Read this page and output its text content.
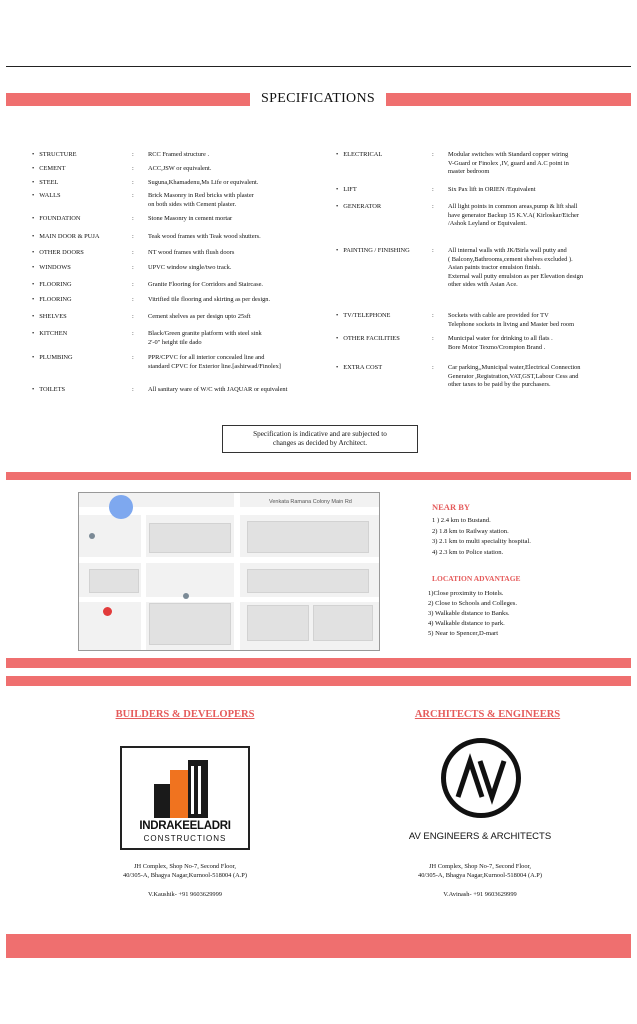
SPECIFICATIONS
• STRUCTURE	: RCC Framed structure .
• CEMENT	: ACC,JSW or equivalent.
• STEEL	: Suguna,Khamadenu,Ms Life or equivalent.
• WALLS	: Brick Masonry in Red bricks with plaster
on both sides with Cement plaster.
• FOUNDATION	: Stone Masonry in cement mortar
• MAIN DOOR & PUJA	: Teak wood frames with Teak wood shutters.
• OTHER DOORS	: NT wood frames with flush doors
• WINDOWS	: UPVC window single/two track.
• FLOORING	: Granite Flooring for Corridors and Staircase.
• FLOORING	: Vitrified tile flooring and skirting as per design.
• SHELVES	: Cement shelves as per design upto 25sft
• KITCHEN	: Black/Green granite platform with steel sink
2'-0" height tile dado
• PLUMBING	: PPR/CPVC for all interior concealed line and
standard CPVC for Exterior line.[ashirwad/Finolex]
• TOILETS	: All sanitary ware of W/C with JAQUAR or equivalent
• ELECTRICAL	: Modular switches with Standard copper wiring
V-Guard or Finolex ,IV, guard and A.C point in
master bedroom
• LIFT	: Six Pax lift in ORIEN /Equivalent
• GENERATOR	: All light points in common areas,pump & lift shall
have generator Backup 15 K.V.A( Kirloskar/Eicher
/Ashok Leyland or Equivalent.
• PAINTING / FINISHING	: All internal walls with JK/Birla wall putty and
( Balcony,Bathrooms,cement shelves excluded ).
Asian paints tractor emulsion finish.
External wall putty emulsion as per Elevation design
other sides with Asian Ace.
• TV/TELEPHONE	: Sockets with cable are provided for TV
Telephone sockets in living and Master bed room
• OTHER FACILITIES	: Municipal water for drinking to all flats .
Bore Motor Texmo/Crompton Brand .
• EXTRA COST	: Car parking,,Municipal water,Electrical Connection
Generator ,Registration,VAT,GST,Labour Cess and
other taxes to be paid by the purchasers.
Specification is indicative and are subjected to
changes as decided by Architect.
Venkata Ramana Colony Main Rd	NEAR BY
1 ) 2.4 km to Bustand.
2) 1.8 km to Railway station.
3) 2.1 km to multi speciality hospital.
4) 2.3 km to Police station.
LOCATION ADVANTAGE
1)Close proximity to Hotels.
2) Close to Schools and Colleges.
3) Walkable distance to Banks.
4) Walkable distance to park.
5) Near to Spencer,D-mart
BUILDERS & DEVELOPERS
INDRAKEELADRI
CONSTRUCTIONS
JH Complex, Shop No-7, Second Floor,
40/305-A, Bhagya Nagar,Kurnool-518004 (A.P)
V.Kaushik- +91 9603629999
ARCHITECTS & ENGINEERS
AV ENGINEERS & ARCHITECTS
JH Complex, Shop No-7, Second Floor,
40/305-A, Bhagya Nagar,Kurnool-518004 (A.P)
V.Avinash- +91 9603629999
